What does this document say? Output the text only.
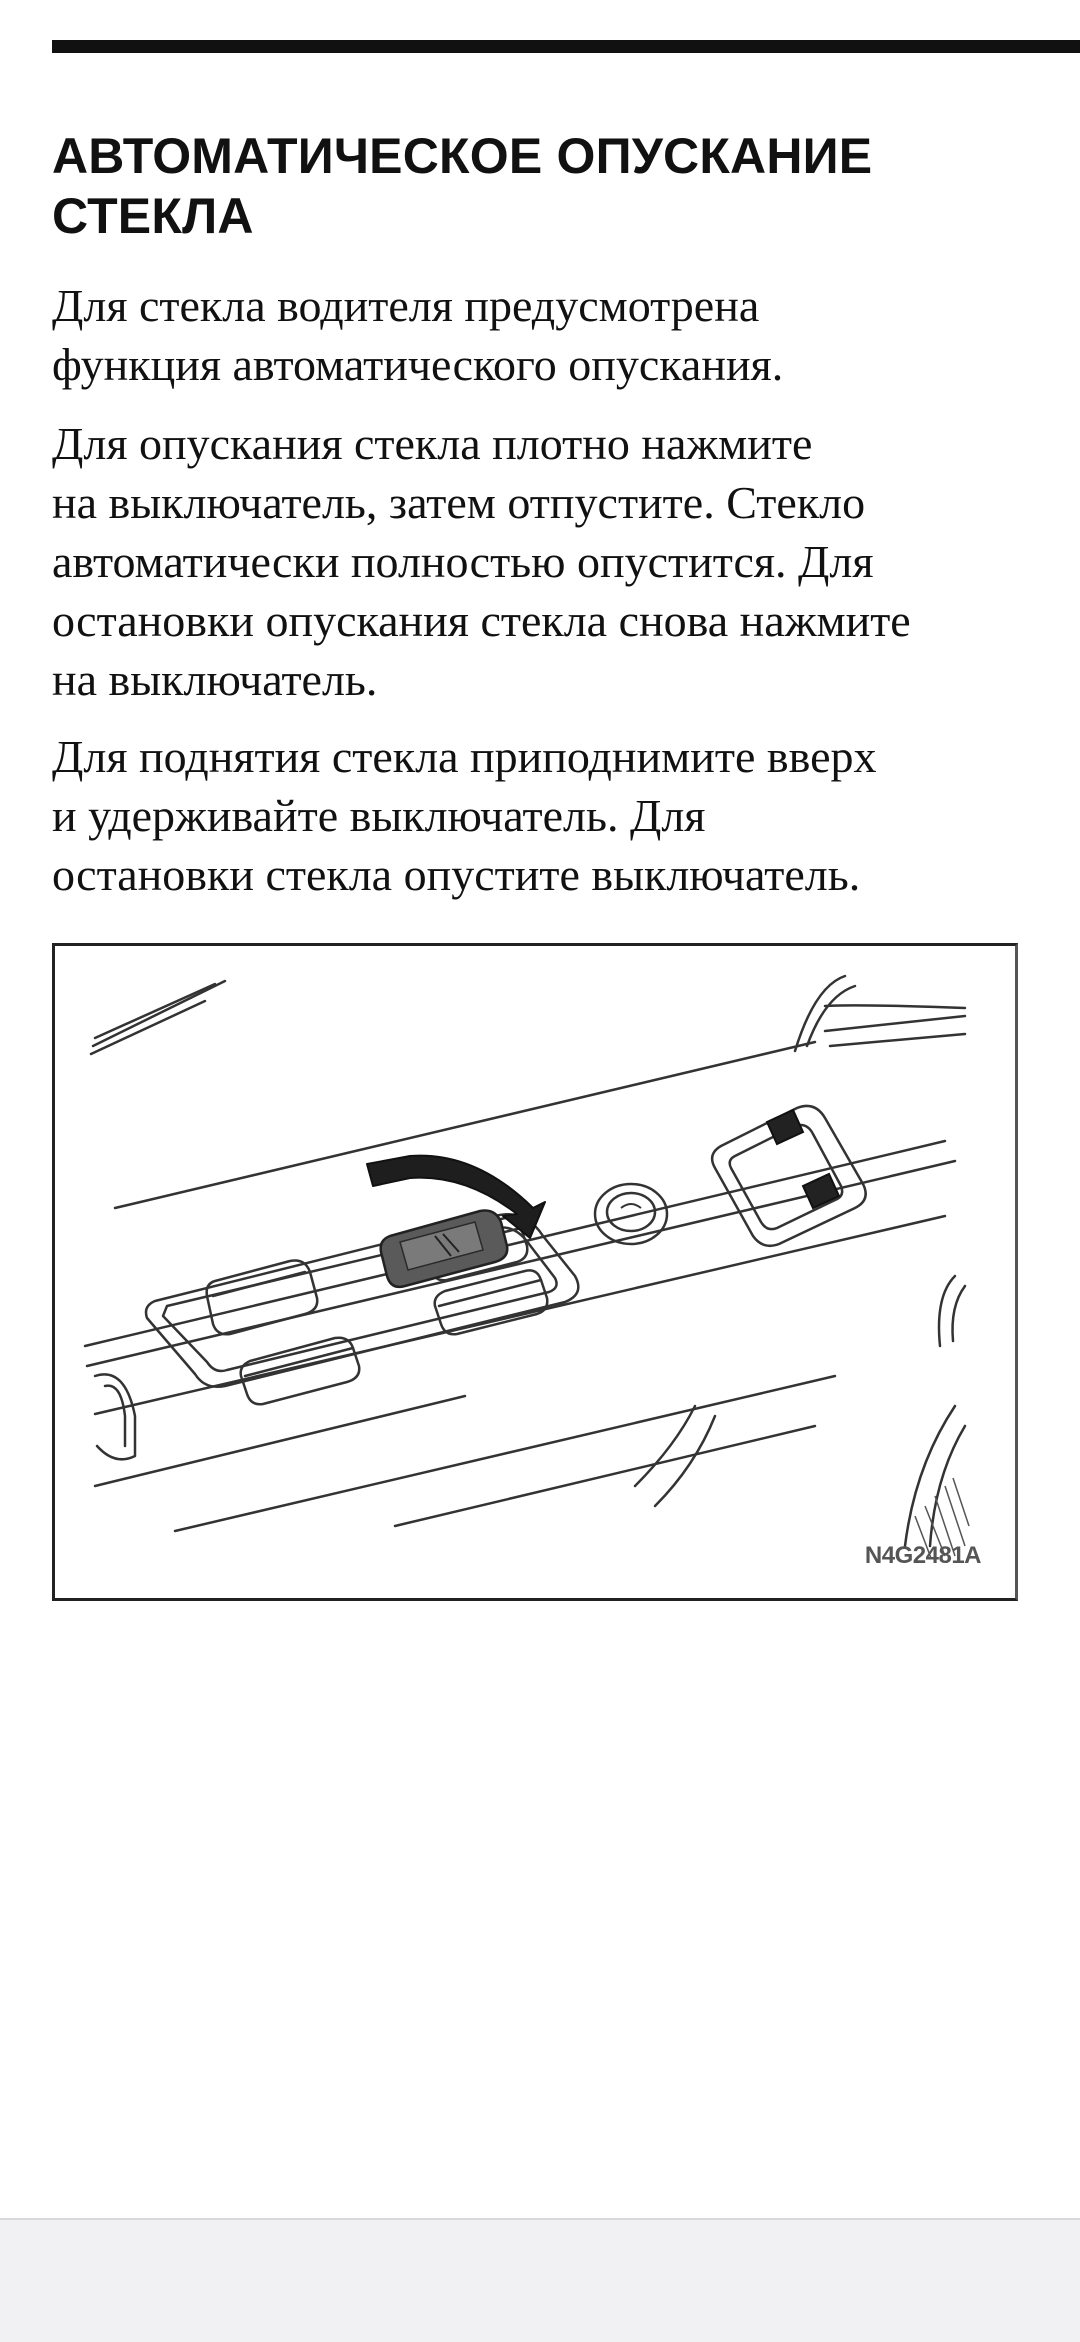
АВТОМАТИЧЕСКОЕ ОПУСКАНИЕ СТЕКЛА

Для стекла водителя предусмотрена
функция автоматического опускания.

Для опускания стекла плотно нажмите
на выключатель, затем отпустите. Стекло
автоматически полностью опустится. Для
остановки опускания стекла снова нажмите
на выключатель.

Для поднятия стекла приподнимите вверх
и удерживайте выключатель. Для
остановки стекла опустите выключатель.

N4G2481A
